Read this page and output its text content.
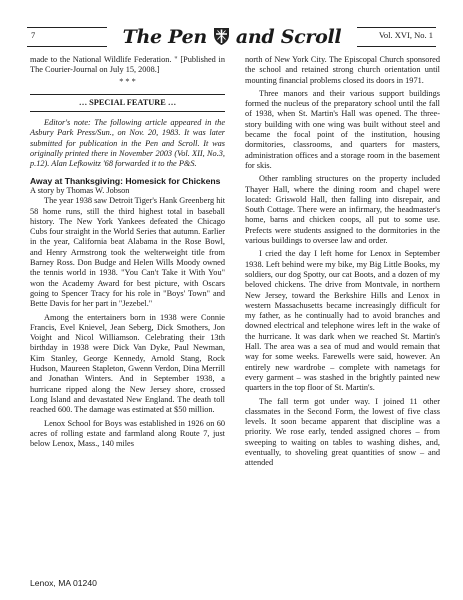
7	The Pen and Scroll	Vol. XVI, No. 1

made to the National Wildlife Federation. " [Published in The Courier-Journal on July 15, 2008.]

* * *

… SPECIAL FEATURE …

Editor's note: The following article appeared in the Asbury Park Press/Sun., on Nov. 20, 1983. It was later submitted for publication in the Pen and Scroll. It was originally printed there in November 2003 (Vol. XII, No.3, p.12). Alan Lefkowitz '68 forwarded it to the P&S.

Away at Thanksgiving: Homesick for Chickens

A story by Thomas W. Jobson

The year 1938 saw Detroit Tiger's Hank Greenberg hit 58 home runs, still the third highest total in baseball history. The New York Yankees defeated the Chicago Cubs four straight in the World Series that autumn. Earlier in the year, California beat Alabama in the Rose Bowl, and Henry Armstrong took the welterweight title from Barney Ross. Don Budge and Helen Wills Moody owned the tennis world in 1938. "You Can't Take it With You" won the Academy Award for best picture, with Oscars going to Spencer Tracy for his role in "Boys' Town" and Bette Davis for her part in "Jezebel."

Among the entertainers born in 1938 were Connie Francis, Evel Knievel, Jean Seberg, Dick Smothers, Jon Voight and Nicol Williamson. Celebrating their 13th birthday in 1938 were Dick Van Dyke, Paul Newman, Kim Stanley, George Kennedy, Arnold Stang, Rock Hudson, Maureen Stapleton, Gwenn Verdon, Dina Merrill and Jonathan Winters. And in September 1938, a hurricane ripped along the New Jersey shore, crossed Long Island and devastated New England. The death toll reached 600. The damage was estimated at $50 million.

Lenox School for Boys was established in 1926 on 60 acres of rolling estate and farmland along Route 7, just below Lenox, Mass., 140 miles

Lenox, MA 01240

north of New York City. The Episcopal Church sponsored the school and retained strong church orientation until mounting financial problems closed its doors in 1971.

Three manors and their various support buildings formed the nucleus of the preparatory school until the fall of 1938, when St. Martin's Hall was opened. The three-story building with one wing was built without steel and became the focal point of the institution, housing dormitories, classrooms, and quarters for masters, administration offices and a storage room in the basement for skis.

Other rambling structures on the property included Thayer Hall, where the dining room and chapel were located: Griswold Hall, then falling into disrepair, and South Cottage. There were an infirmary, the headmaster's home, barns and chicken coops, all put to some use. Prefects were students assigned to the dormitories in the various buildings to oversee law and order.

I cried the day I left home for Lenox in September 1938. Left behind were my bike, my Big Little Books, my soldiers, our dog Spotty, our cat Boots, and a dozen of my beloved chickens. The drive from Montvale, in northern New Jersey, toward the Berkshire Hills and Lenox in western Massachusetts became increasingly difficult for my father, as he continually had to avoid branches and downed electrical and telephone wires left in the wake of the hurricane. It was dark when we reached St. Martin's Hall. The area was a sea of mud and would remain that way for some weeks. Farewells were said, however. An entirely new wardrobe – complete with nametags for every garment – was stashed in the brightly painted new quarters in the top floor of St. Martin's.

The fall term got under way. I joined 11 other classmates in the Second Form, the lowest of five class levels. It soon became apparent that discipline was a priority. We rose early, tended assigned chores – from sweeping to waiting on tables to washing dishes, and, eventually, to shoveling great quantities of snow – and attended
